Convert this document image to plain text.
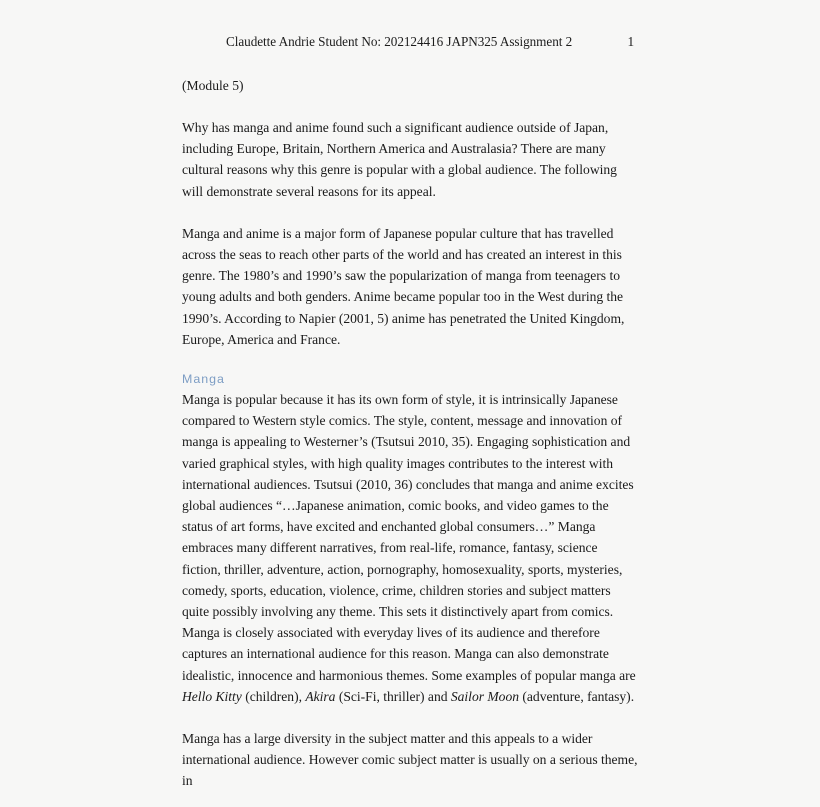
Claudette Andrie Student No: 202124416 JAPN325 Assignment 2	1

(Module 5)

Why has manga and anime found such a significant audience outside of Japan, including Europe, Britain, Northern America and Australasia? There are many cultural reasons why this genre is popular with a global audience. The following will demonstrate several reasons for its appeal.

Manga and anime is a major form of Japanese popular culture that has travelled across the seas to reach other parts of the world and has created an interest in this genre. The 1980’s and 1990’s saw the popularization of manga from teenagers to young adults and both genders. Anime became popular too in the West during the 1990’s. According to Napier (2001, 5) anime has penetrated the United Kingdom, Europe, America and France.

Manga

Manga is popular because it has its own form of style, it is intrinsically Japanese compared to Western style comics. The style, content, message and innovation of manga is appealing to Westerner’s (Tsutsui 2010, 35). Engaging sophistication and varied graphical styles, with high quality images contributes to the interest with international audiences. Tsutsui (2010, 36) concludes that manga and anime excites global audiences “…Japanese animation, comic books, and video games to the status of art forms, have excited and enchanted global consumers…” Manga embraces many different narratives, from real-life, romance, fantasy, science fiction, thriller, adventure, action, pornography, homosexuality, sports, mysteries, comedy, sports, education, violence, crime, children stories and subject matters quite possibly involving any theme. This sets it distinctively apart from comics. Manga is closely associated with everyday lives of its audience and therefore captures an international audience for this reason. Manga can also demonstrate idealistic, innocence and harmonious themes. Some examples of popular manga are Hello Kitty (children), Akira (Sci-Fi, thriller) and Sailor Moon (adventure, fantasy).

Manga has a large diversity in the subject matter and this appeals to a wider international audience. However comic subject matter is usually on a serious theme, in
